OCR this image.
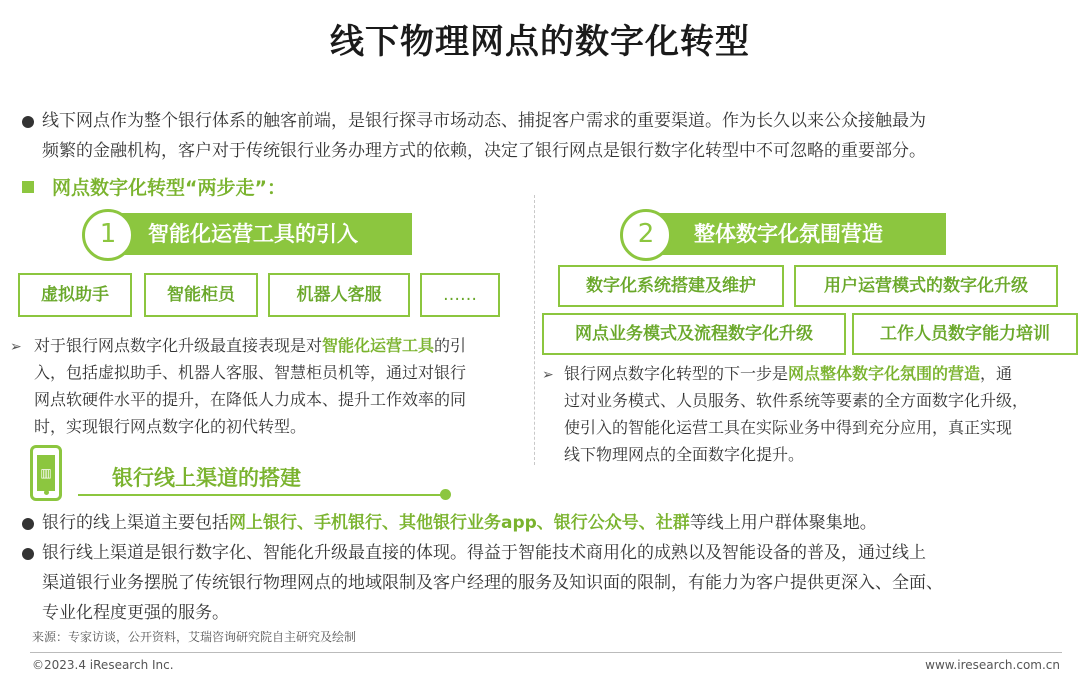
线下物理网点的数字化转型
线下网点作为整个银行体系的触客前端，是银行探寻市场动态、捕捉客户需求的重要渠道。作为长久以来公众接触最为
频繁的金融机构，客户对于传统银行业务办理方式的依赖，决定了银行网点是银行数字化转型中不可忽略的重要部分。
网点数字化转型“两步走”：
1	智能化运营工具的引入
虚拟助手	智能柜员	机器人客服	……
➢ 对于银行网点数字化升级最直接表现是对智能化运营工具的引
入，包括虚拟助手、机器人客服、智慧柜员机等，通过对银行
网点软硬件水平的提升，在降低人力成本、提升工作效率的同
时，实现银行网点数字化的初代转型。
2	整体数字化氛围营造
数字化系统搭建及维护	用户运营模式的数字化升级
网点业务模式及流程数字化升级	工作人员数字能力培训
➢ 银行网点数字化转型的下一步是网点整体数字化氛围的营造，通
过对业务模式、人员服务、软件系统等要素的全方面数字化升级，
使引入的智能化运营工具在实际业务中得到充分应用，真正实现
线下物理网点的全面数字化提升。
▥	银行线上渠道的搭建
银行的线上渠道主要包括网上银行、手机银行、其他银行业务app、银行公众号、社群等线上用户群体聚集地。
银行线上渠道是银行数字化、智能化升级最直接的体现。得益于智能技术商用化的成熟以及智能设备的普及，通过线上
渠道银行业务摆脱了传统银行物理网点的地域限制及客户经理的服务及知识面的限制，有能力为客户提供更深入、全面、
专业化程度更强的服务。
来源：专家访谈，公开资料，艾瑞咨询研究院自主研究及绘制
©2023.4 iResearch Inc.	www.iresearch.com.cn
